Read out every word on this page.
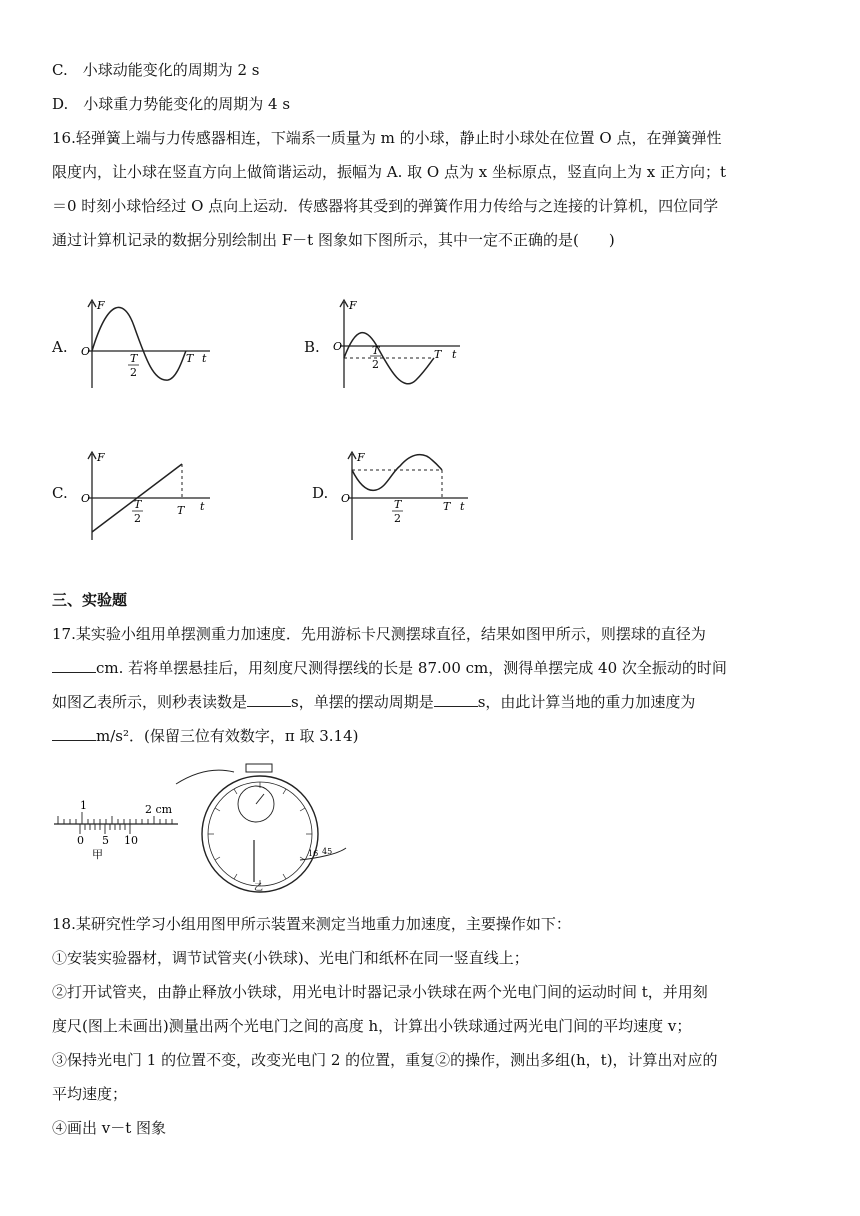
C.　小球动能变化的周期为 2 s
D.　小球重力势能变化的周期为 4 s
16.轻弹簧上端与力传感器相连，下端系一质量为 m 的小球，静止时小球处在位置 O 点，在弹簧弹性
限度内，让小球在竖直方向上做简谐运动，振幅为 A. 取 O 点为 x 坐标原点，竖直向上为 x 正方向；t
＝0 时刻小球恰经过 O 点向上运动．传感器将其受到的弹簧作用力传给与之连接的计算机，四位同学
通过计算机记录的数据分别绘制出 F－t 图象如下图所示，其中一定不正确的是(　　)
A.
F
O
T
2
T t
B.
F
O	T
2
T t
C.
F
O	T
2
T t
D.
F
O	T
2
T t
三、实验题
17.某实验小组用单摆测重力加速度．先用游标卡尺测摆球直径，结果如图甲所示，则摆球的直径为
cm. 若将单摆悬挂后，用刻度尺测得摆线的长是 87.00 cm，测得单摆完成 40 次全振动的时间
如图乙表所示，则秒表读数是	s，单摆的摆动周期是	s，由此计算当地的重力加速度为
m/s²．(保留三位有效数字，π 取 3.14)
1	2 cm
0 5 10
甲	16 45
乙
18.某研究性学习小组用图甲所示装置来测定当地重力加速度，主要操作如下：
①安装实验器材，调节试管夹(小铁球)、光电门和纸杯在同一竖直线上；
②打开试管夹，由静止释放小铁球，用光电计时器记录小铁球在两个光电门间的运动时间 t，并用刻
度尺(图上未画出)测量出两个光电门之间的高度 h，计算出小铁球通过两光电门间的平均速度 v；
③保持光电门 1 的位置不变，改变光电门 2 的位置，重复②的操作，测出多组(h，t)，计算出对应的
平均速度；
④画出 v－t 图象
